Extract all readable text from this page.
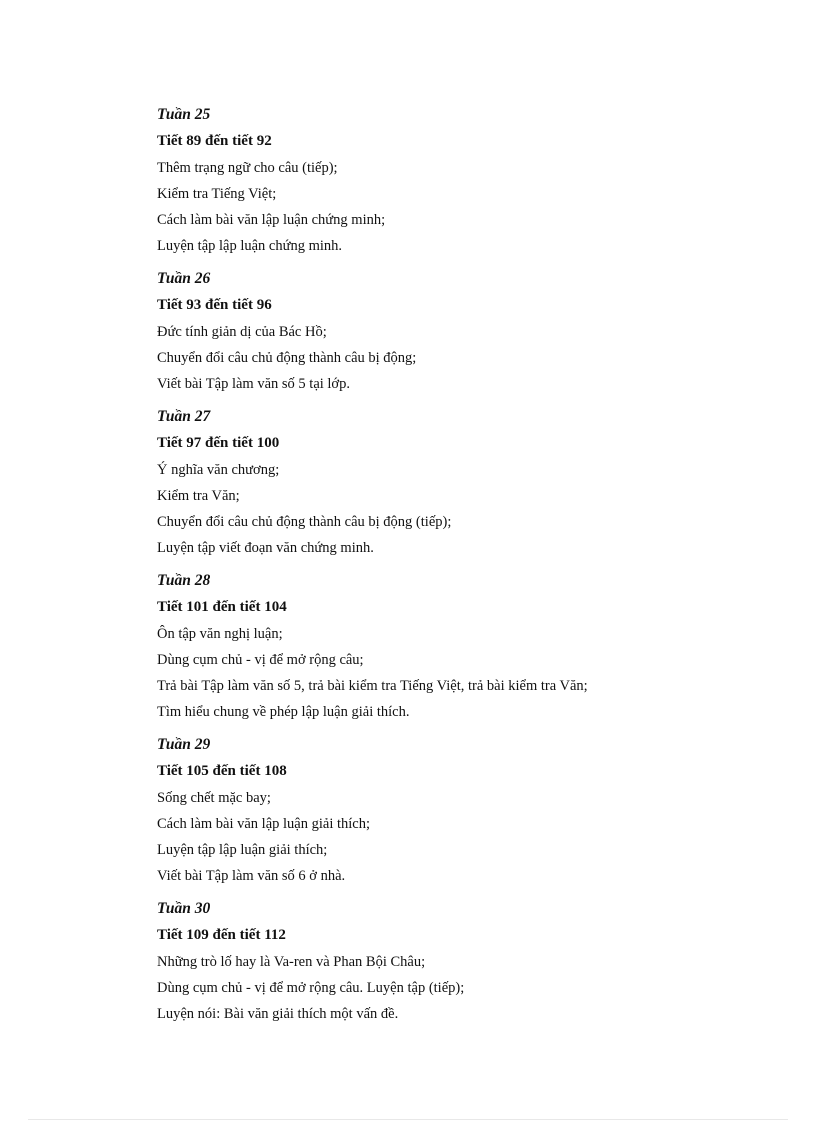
Tuần 25
Tiết 89 đến tiết 92
Thêm trạng ngữ cho câu (tiếp);
Kiểm tra Tiếng Việt;
Cách làm bài văn lập luận chứng minh;
Luyện tập lập luận chứng minh.
Tuần 26
Tiết 93 đến tiết 96
Đức tính giản dị của Bác Hồ;
Chuyển đổi câu chủ động thành câu bị động;
Viết bài Tập làm văn số 5 tại lớp.
Tuần 27
Tiết 97 đến tiết 100
Ý nghĩa văn chương;
Kiểm tra Văn;
Chuyển đổi câu chủ động thành câu bị động (tiếp);
Luyện tập viết đoạn văn chứng minh.
Tuần 28
Tiết 101 đến tiết 104
Ôn tập văn nghị luận;
Dùng cụm chủ - vị để mở rộng câu;
Trả bài Tập làm văn số 5, trả bài kiểm tra Tiếng Việt, trả bài kiểm tra Văn;
Tìm hiểu chung về phép lập luận giải thích.
Tuần 29
Tiết 105 đến tiết 108
Sống chết mặc bay;
Cách làm bài văn lập luận giải thích;
Luyện tập lập luận giải thích;
Viết bài Tập làm văn số 6 ở nhà.
Tuần 30
Tiết 109 đến tiết 112
Những trò lố hay là Va-ren và Phan Bội Châu;
Dùng cụm chủ - vị để mở rộng câu. Luyện tập (tiếp);
Luyện nói: Bài văn giải thích một vấn đề.
